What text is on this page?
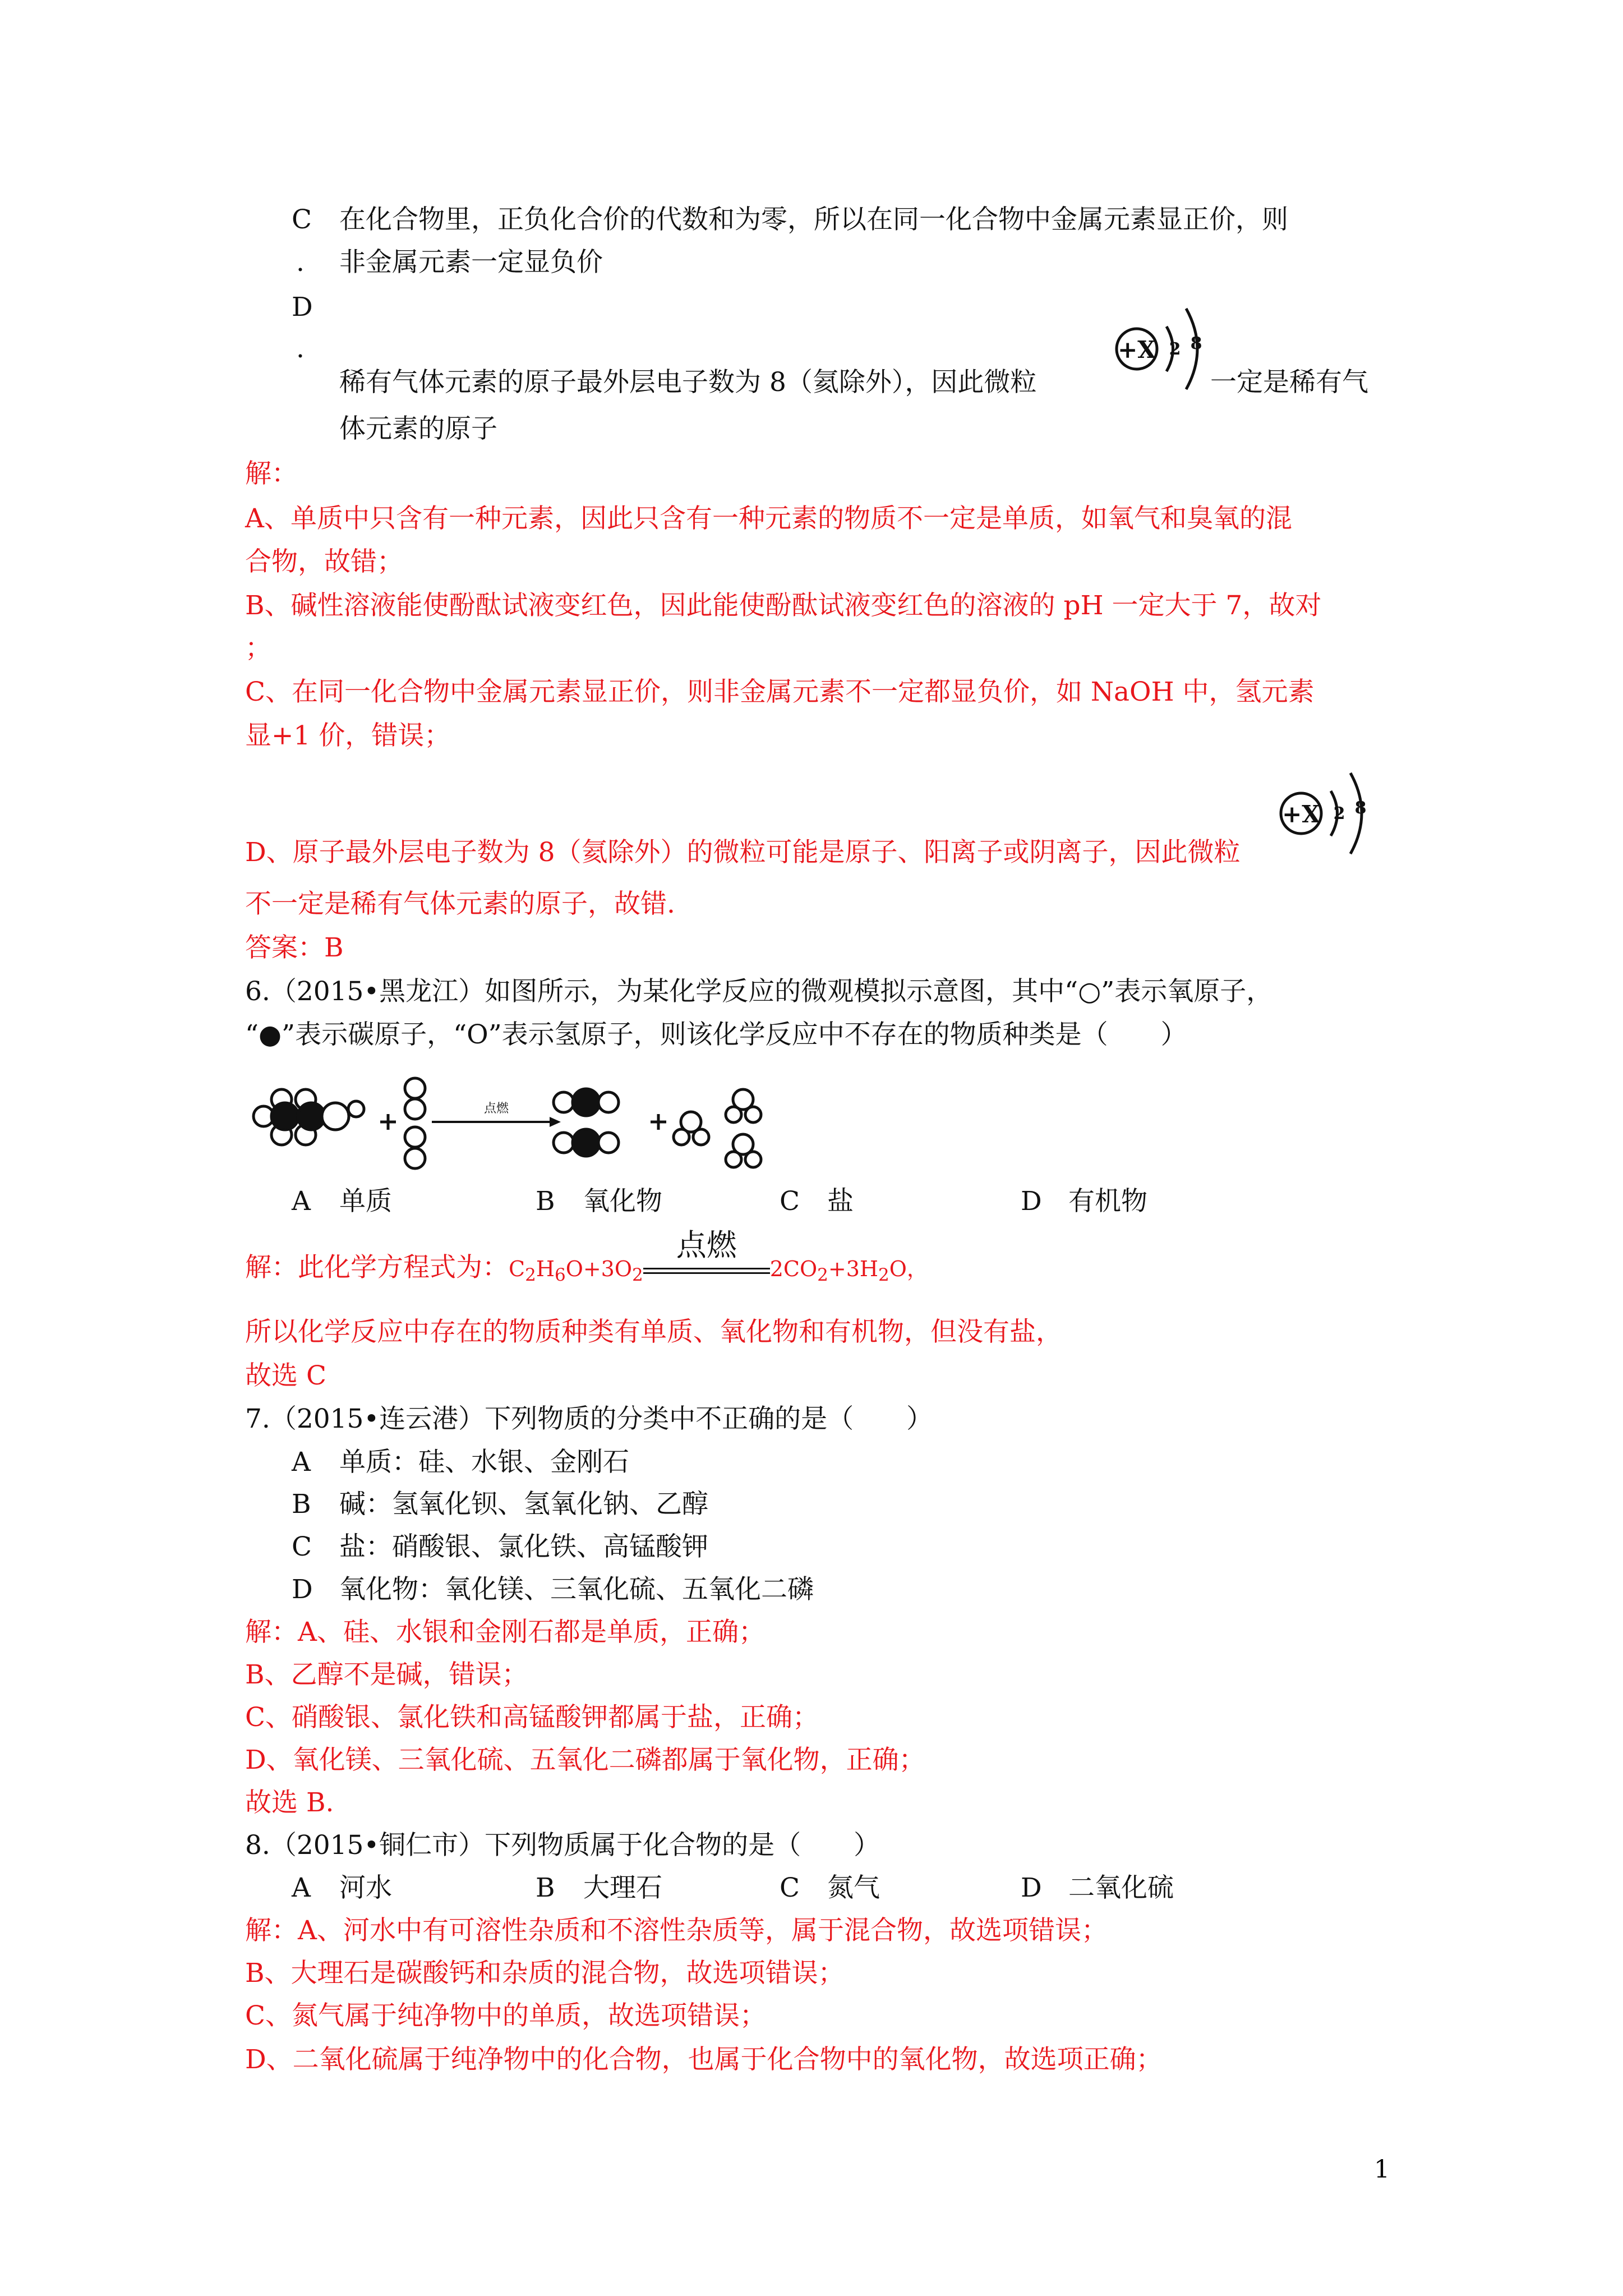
C 在化合物里，正负化合价的代数和为零，所以在同一化合物中金属元素显正价，则
. 非金属元素一定显负价
D
.
稀有气体元素的原子最外层电子数为 8（氦除外），因此微粒
+X 2 8
一定是稀有气
体元素的原子
解：
A、单质中只含有一种元素，因此只含有一种元素的物质不一定是单质，如氧气和臭氧的混
合物，故错；
B、碱性溶液能使酚酞试液变红色，因此能使酚酞试液变红色的溶液的 pH 一定大于 7，故对
；
C、在同一化合物中金属元素显正价，则非金属元素不一定都显负价，如 NaOH 中，氢元素
显+1 价，错误；
+X 2 8
D、原子最外层电子数为 8（氦除外）的微粒可能是原子、阳离子或阴离子，因此微粒
不一定是稀有气体元素的原子，故错.
答案：B
6.（2015•黑龙江）如图所示，为某化学反应的微观模拟示意图，其中“○”表示氧原子，
“●”表示碳原子，“O”表示氢原子，则该化学反应中不存在的物质种类是（　　）
点燃
A 单质	B 氧化物	C 盐	D 有机物
解：此化学方程式为：$C_2H_6O+3O_2$
点燃
$2CO_2+3H_2O$，
所以化学反应中存在的物质种类有单质、氧化物和有机物，但没有盐，
故选 C
7.（2015•连云港）下列物质的分类中不正确的是（　　）
A 单质：硅、水银、金刚石
B 碱：氢氧化钡、氢氧化钠、乙醇
C 盐：硝酸银、氯化铁、高锰酸钾
D 氧化物：氧化镁、三氧化硫、五氧化二磷
解：A、硅、水银和金刚石都是单质，正确；
B、乙醇不是碱，错误；
C、硝酸银、氯化铁和高锰酸钾都属于盐，正确；
D、氧化镁、三氧化硫、五氧化二磷都属于氧化物，正确；
故选 B.
8.（2015•铜仁市）下列物质属于化合物的是（　　）
A 河水	B 大理石	C 氮气	D 二氧化硫
解：A、河水中有可溶性杂质和不溶性杂质等，属于混合物，故选项错误；
B、大理石是碳酸钙和杂质的混合物，故选项错误；
C、氮气属于纯净物中的单质，故选项错误；
D、二氧化硫属于纯净物中的化合物，也属于化合物中的氧化物，故选项正确；
1
